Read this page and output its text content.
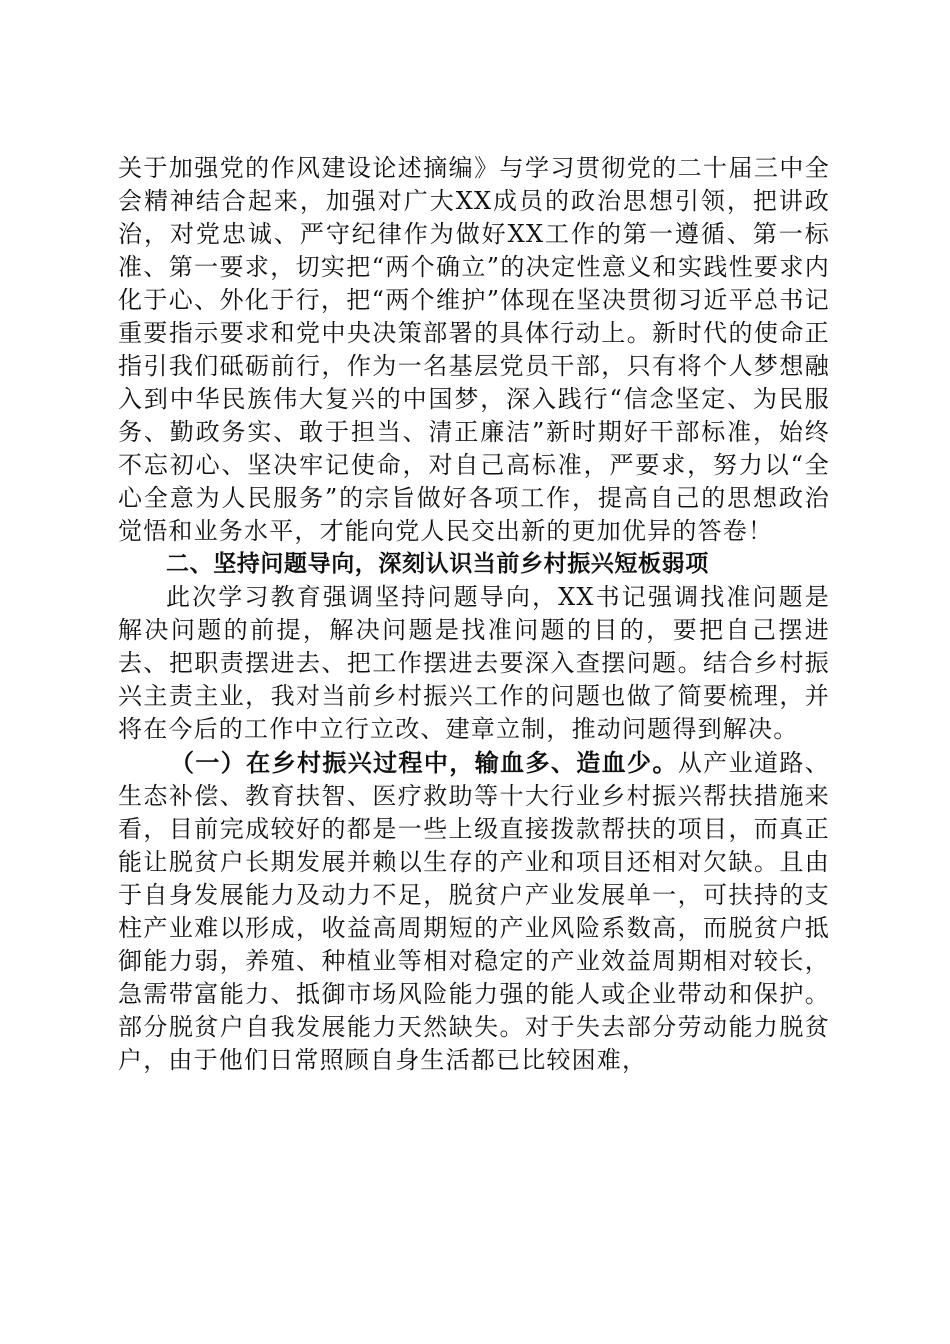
关于加强党的作风建设论述摘编》与学习贯彻党的二十届三中全会精神结合起来，加强对广大XX成员的政治思想引领，把讲政治，对党忠诚、严守纪律作为做好XX工作的第一遵循、第一标准、第一要求，切实把“两个确立”的决定性意义和实践性要求内化于心、外化于行，把“两个维护”体现在坚决贯彻习近平总书记重要指示要求和党中央决策部署的具体行动上。新时代的使命正指引我们砥砺前行，作为一名基层党员干部，只有将个人梦想融入到中华民族伟大复兴的中国梦，深入践行“信念坚定、为民服务、勤政务实、敢于担当、清正廉洁”新时期好干部标准，始终不忘初心、坚决牢记使命，对自己高标准，严要求，努力以“全心全意为人民服务”的宗旨做好各项工作，提高自己的思想政治觉悟和业务水平，才能向党人民交出新的更加优异的答卷！

二、坚持问题导向，深刻认识当前乡村振兴短板弱项

此次学习教育强调坚持问题导向，XX书记强调找准问题是解决问题的前提，解决问题是找准问题的目的，要把自己摆进去、把职责摆进去、把工作摆进去要深入查摆问题。结合乡村振兴主责主业，我对当前乡村振兴工作的问题也做了简要梳理，并将在今后的工作中立行立改、建章立制，推动问题得到解决。

（一）在乡村振兴过程中，输血多、造血少。从产业道路、生态补偿、教育扶智、医疗救助等十大行业乡村振兴帮扶措施来看，目前完成较好的都是一些上级直接拨款帮扶的项目，而真正能让脱贫户长期发展并赖以生存的产业和项目还相对欠缺。且由于自身发展能力及动力不足，脱贫户产业发展单一，可扶持的支柱产业难以形成，收益高周期短的产业风险系数高，而脱贫户抵御能力弱，养殖、种植业等相对稳定的产业效益周期相对较长，急需带富能力、抵御市场风险能力强的能人或企业带动和保护。部分脱贫户自我发展能力天然缺失。对于失去部分劳动能力脱贫户，由于他们日常照顾自身生活都已比较困难，
